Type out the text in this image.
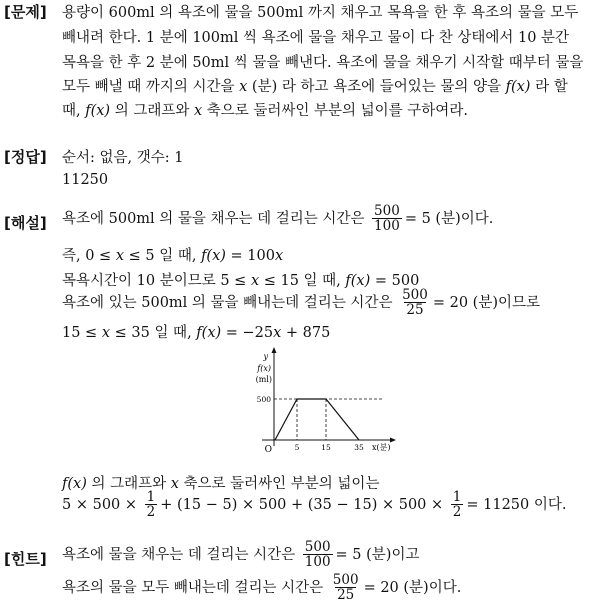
[문제] 용량이 600ml 의 욕조에 물을 500ml 까지 채우고 목욕을 한 후 욕조의 물을 모두
빼내려 한다. 1 분에 100ml 씩 욕조에 물을 채우고 물이 다 찬 상태에서 10 분간
목욕을 한 후 2 분에 50ml 씩 물을 빼낸다. 욕조에 물을 채우기 시작할 때부터 물을
모두 빼낼 때 까지의 시간을 x (분) 라 하고 욕조에 들어있는 물의 양을 f(x) 라 할
때, f(x) 의 그래프와 x 축으로 둘러싸인 부분의 넓이를 구하여라.
[정답] 순서: 없음, 갯수: 1
11250
[해설] 욕조에 500ml 의 물을 채우는 데 걸리는 시간은 $\frac{500}{100} = 5$ (분)이다.
즉, 0 ≤ x ≤ 5 일 때, f(x) = 100x
목욕시간이 10 분이므로 5 ≤ x ≤ 15 일 때, f(x) = 500
욕조에 있는 500ml 의 물을 빼내는데 걸리는 시간은 $\frac{500}{25} = 20$ (분)이므로
15 ≤ x ≤ 35 일 때, f(x) = −25x + 875
y
f(x)
(ml)
500
O	5	15	35 x(분)
f(x) 의 그래프와 x 축으로 둘러싸인 부분의 넓이는
$5 \times 500 \times \frac{1}{2} + (15 - 5) \times 500 + (35 - 15) \times 500 \times \frac{1}{2} = 11250$ 이다.
[힌트] 욕조에 물을 채우는 데 걸리는 시간은 $\frac{500}{100} = 5$ (분)이고
욕조의 물을 모두 빼내는데 걸리는 시간은 $\frac{500}{25} = 20$ (분)이다.
